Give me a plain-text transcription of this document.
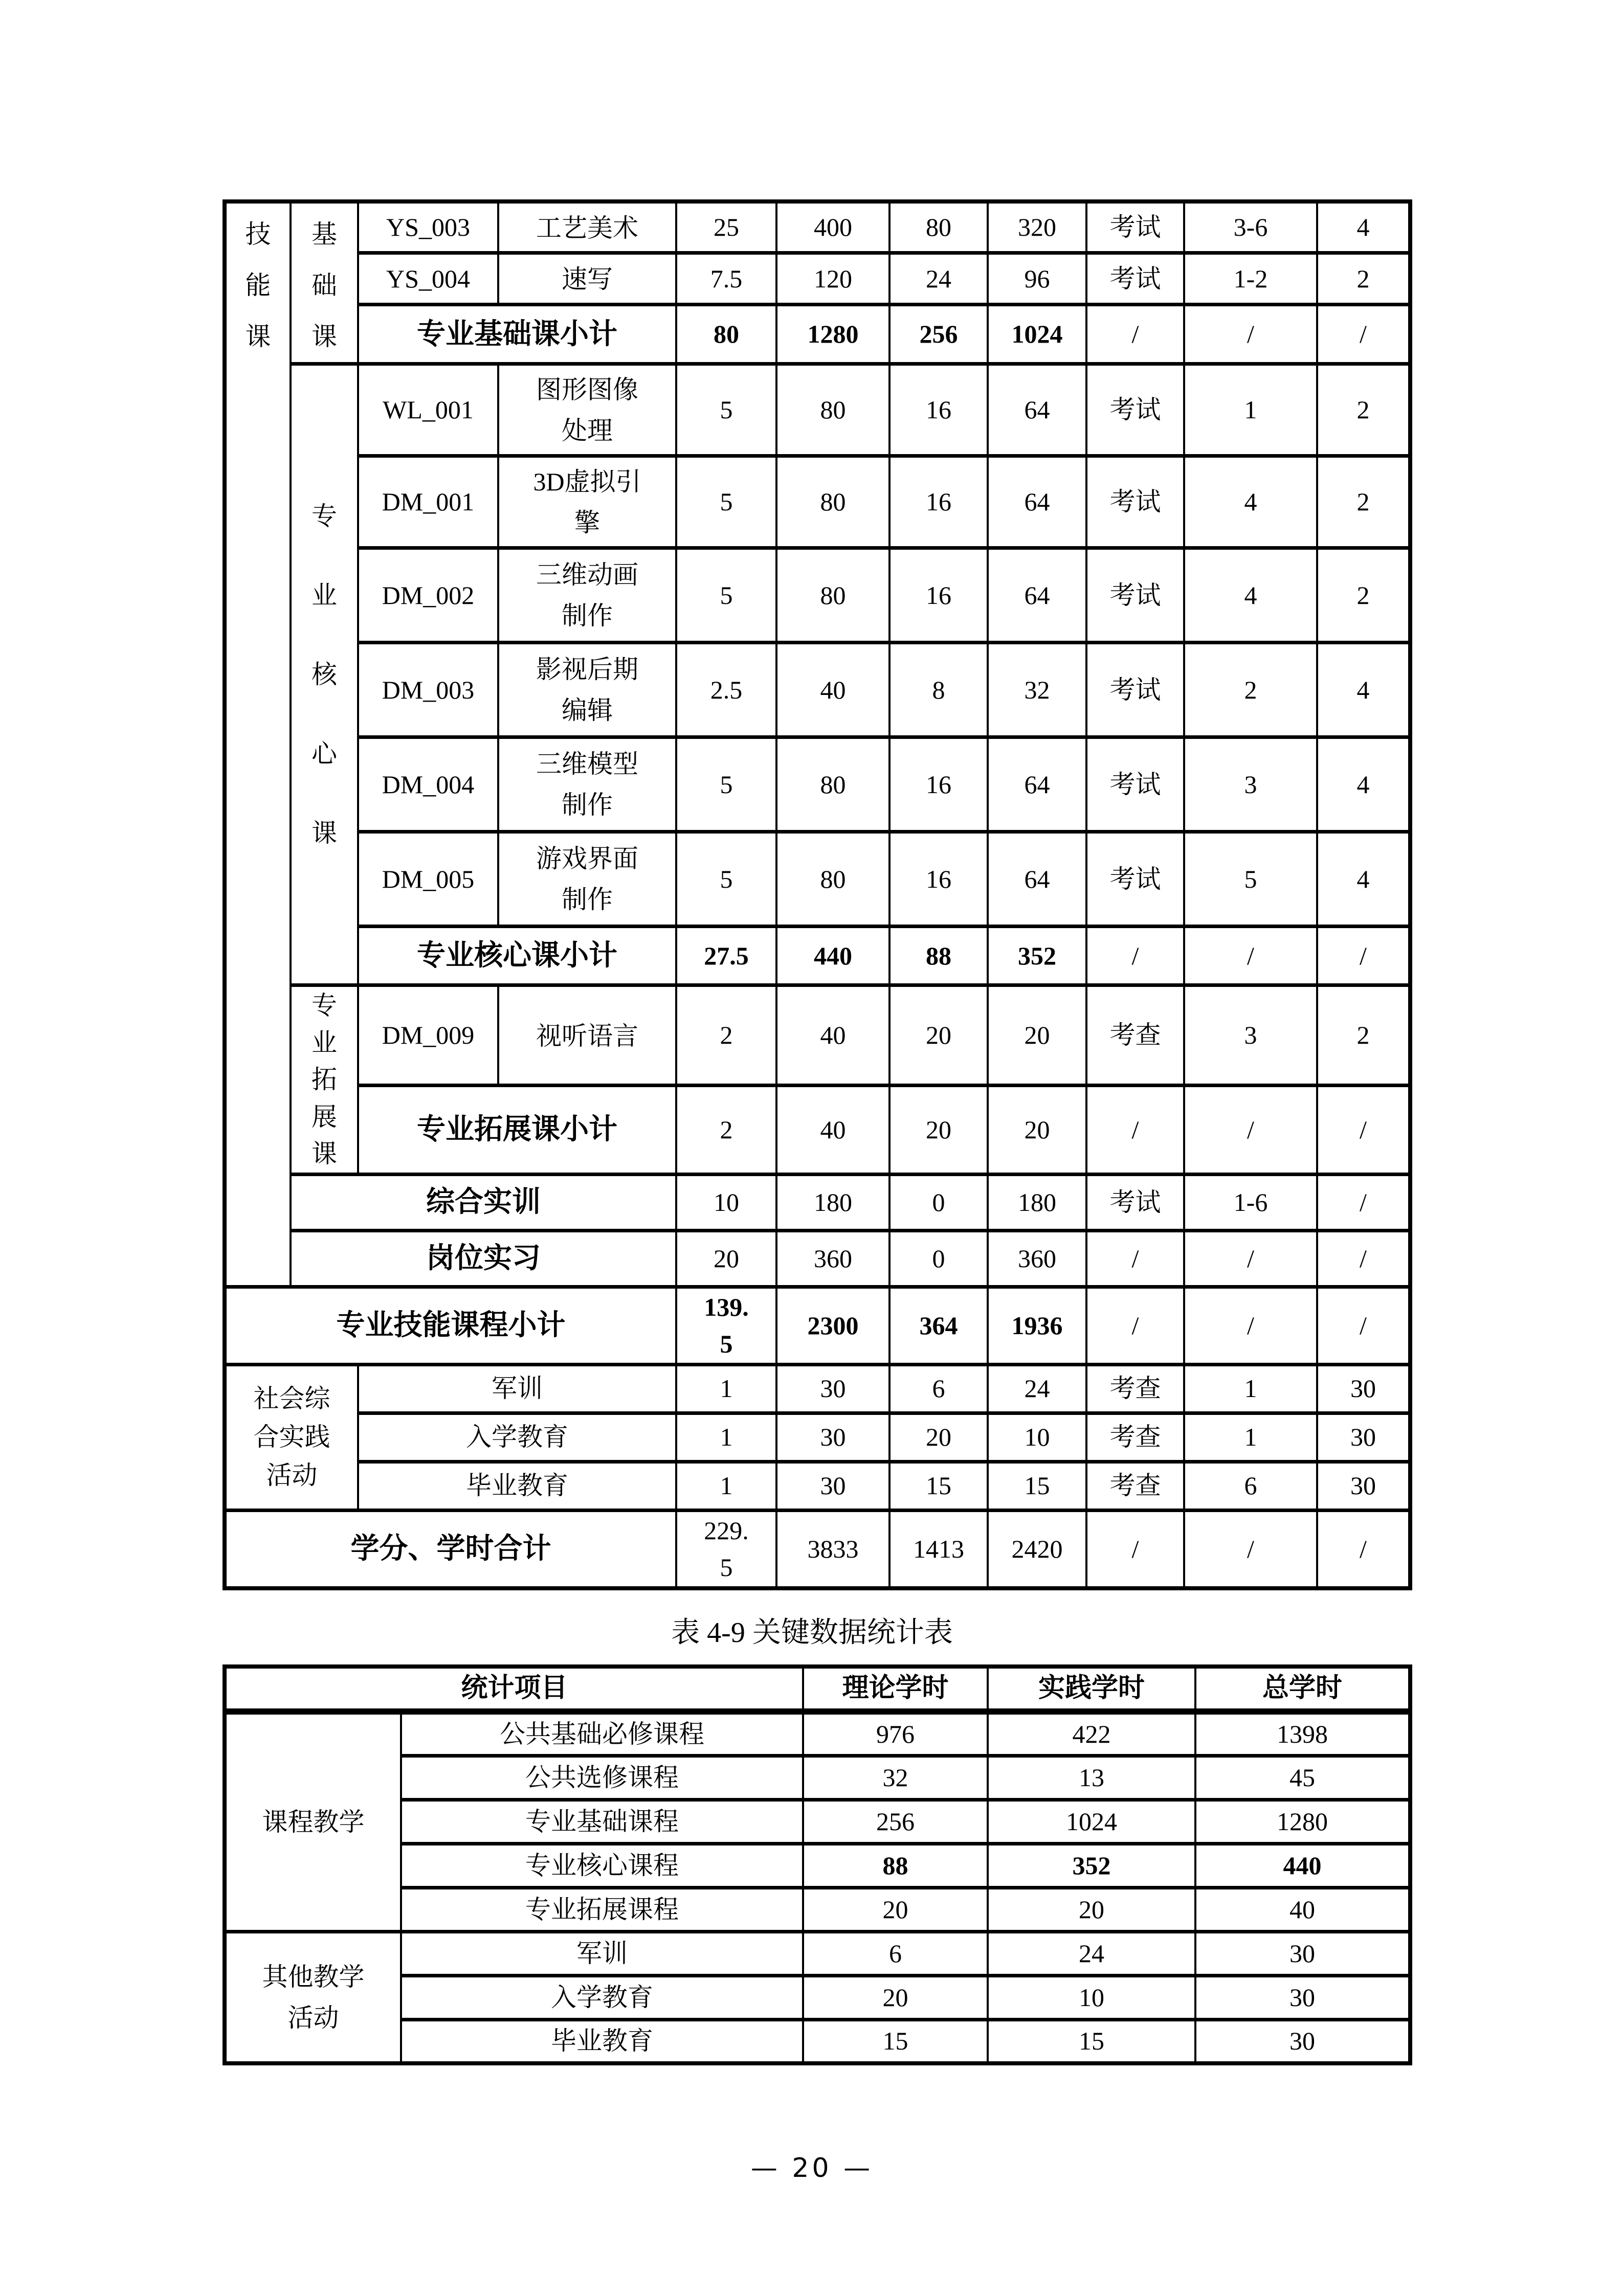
技能课	基础课	YS_003	工艺美术	25	400	80	320	考试	3-6	4
		YS_004	速写	7.5	120	24	96	考试	1-2	2
		专业基础课小计		80	1280	256	1024	/	/	/

	专业核心课	WL_001	图形图像处理	5	80	16	64	考试	1	2
		DM_001	3D虚拟引擎	5	80	16	64	考试	4	2
		DM_002	三维动画制作	5	80	16	64	考试	4	2
		DM_003	影视后期编辑	2.5	40	8	32	考试	2	4
		DM_004	三维模型制作	5	80	16	64	考试	3	4
		DM_005	游戏界面制作	5	80	16	64	考试	5	4
		专业核心课小计		27.5	440	88	352	/	/	/

	专业拓展课	DM_009	视听语言	2	40	20	20	考查	3	2
		专业拓展课小计		2	40	20	20	/	/	/
	综合实训			10	180	0	180	考试	1-6	/
	岗位实习			20	360	0	360	/	/	/
专业技能课程小计				139.5	2300	364	1936	/	/	/
社会综合实践活动		军训		1	30	6	24	考查	1	30
		入学教育		1	30	20	10	考查	1	30
		毕业教育		1	30	15	15	考查	6	30
学分、学时合计				229.5	3833	1413	2420	/	/	/
表 4-9 关键数据统计表
统计项目		理论学时	实践学时	总学时
课程教学	公共基础必修课程	976	422	1398
	公共选修课程	32	13	45
	专业基础课程	256	1024	1280
	专业核心课程	88	352	440
	专业拓展课程	20	20	40
其他教学活动	军训	6	24	30
	入学教育	20	10	30
	毕业教育	15	15	30
— 20 —
